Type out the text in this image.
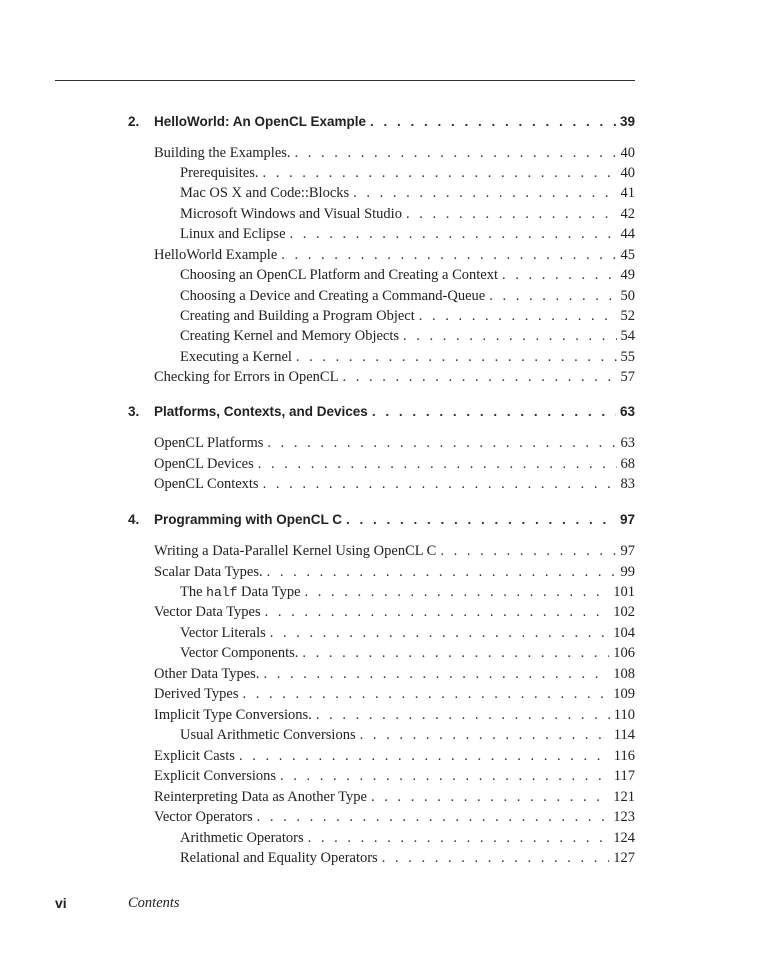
2. HelloWorld: An OpenCL Example . . .	39
Building the Examples. . . .	40
Prerequisites. . . .	40
Mac OS X and Code::Blocks . . .	41
Microsoft Windows and Visual Studio . . .	42
Linux and Eclipse . . .	44
HelloWorld Example . . .	45
Choosing an OpenCL Platform and Creating a Context . . .	49
Choosing a Device and Creating a Command-Queue . . .	50
Creating and Building a Program Object . . .	52
Creating Kernel and Memory Objects . . .	54
Executing a Kernel . . .	55
Checking for Errors in OpenCL . . .	57
3. Platforms, Contexts, and Devices . . .	63
OpenCL Platforms . . .	63
OpenCL Devices . . .	68
OpenCL Contexts . . .	83
4. Programming with OpenCL C . . .	97
Writing a Data-Parallel Kernel Using OpenCL C . . .	97
Scalar Data Types. . . .	99
The half Data Type . . .	101
Vector Data Types . . .	102
Vector Literals . . .	104
Vector Components. . . .	106
Other Data Types. . . .	108
Derived Types . . .	109
Implicit Type Conversions. . . .	110
Usual Arithmetic Conversions . . .	114
Explicit Casts . . .	116
Explicit Conversions . . .	117
Reinterpreting Data as Another Type . . .	121
Vector Operators . . .	123
Arithmetic Operators . . .	124
Relational and Equality Operators . . .	127
vi	Contents
